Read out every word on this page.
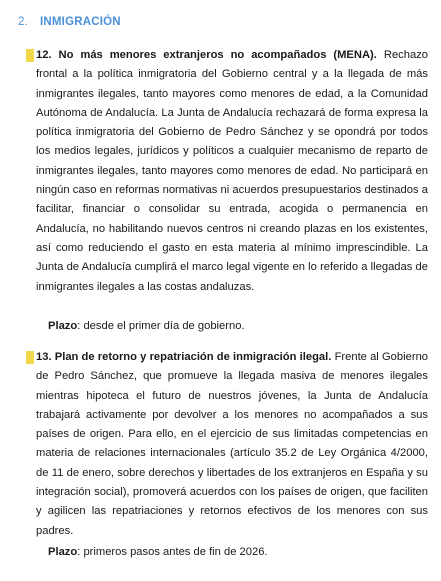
2. INMIGRACIÓN
12. No más menores extranjeros no acompañados (MENA). Rechazo frontal a la política inmigratoria del Gobierno central y a la llegada de más inmigrantes ilegales, tanto mayores como menores de edad, a la Comunidad Autónoma de Andalucía. La Junta de Andalucía rechazará de forma expresa la política inmigratoria del Gobierno de Pedro Sánchez y se opondrá por todos los medios legales, jurídicos y políticos a cualquier mecanismo de reparto de inmigrantes ilegales, tanto mayores como menores de edad. No participará en ningún caso en reformas normativas ni acuerdos presupuestarios destinados a facilitar, financiar o consolidar su entrada, acogida o permanencia en Andalucía, no habilitando nuevos centros ni creando plazas en los existentes, así como reduciendo el gasto en esta materia al mínimo imprescindible. La Junta de Andalucía cumplirá el marco legal vigente en lo referido a llegadas de inmigrantes ilegales a las costas andaluzas.
Plazo: desde el primer día de gobierno.
13. Plan de retorno y repatriación de inmigración ilegal. Frente al Gobierno de Pedro Sánchez, que promueve la llegada masiva de menores ilegales mientras hipoteca el futuro de nuestros jóvenes, la Junta de Andalucía trabajará activamente por devolver a los menores no acompañados a sus países de origen. Para ello, en el ejercicio de sus limitadas competencias en materia de relaciones internacionales (artículo 35.2 de Ley Orgánica 4/2000, de 11 de enero, sobre derechos y libertades de los extranjeros en España y su integración social), promoverá acuerdos con los países de origen, que faciliten y agilicen las repatriaciones y retornos efectivos de los menores con sus padres.
Plazo: primeros pasos antes de fin de 2026.
